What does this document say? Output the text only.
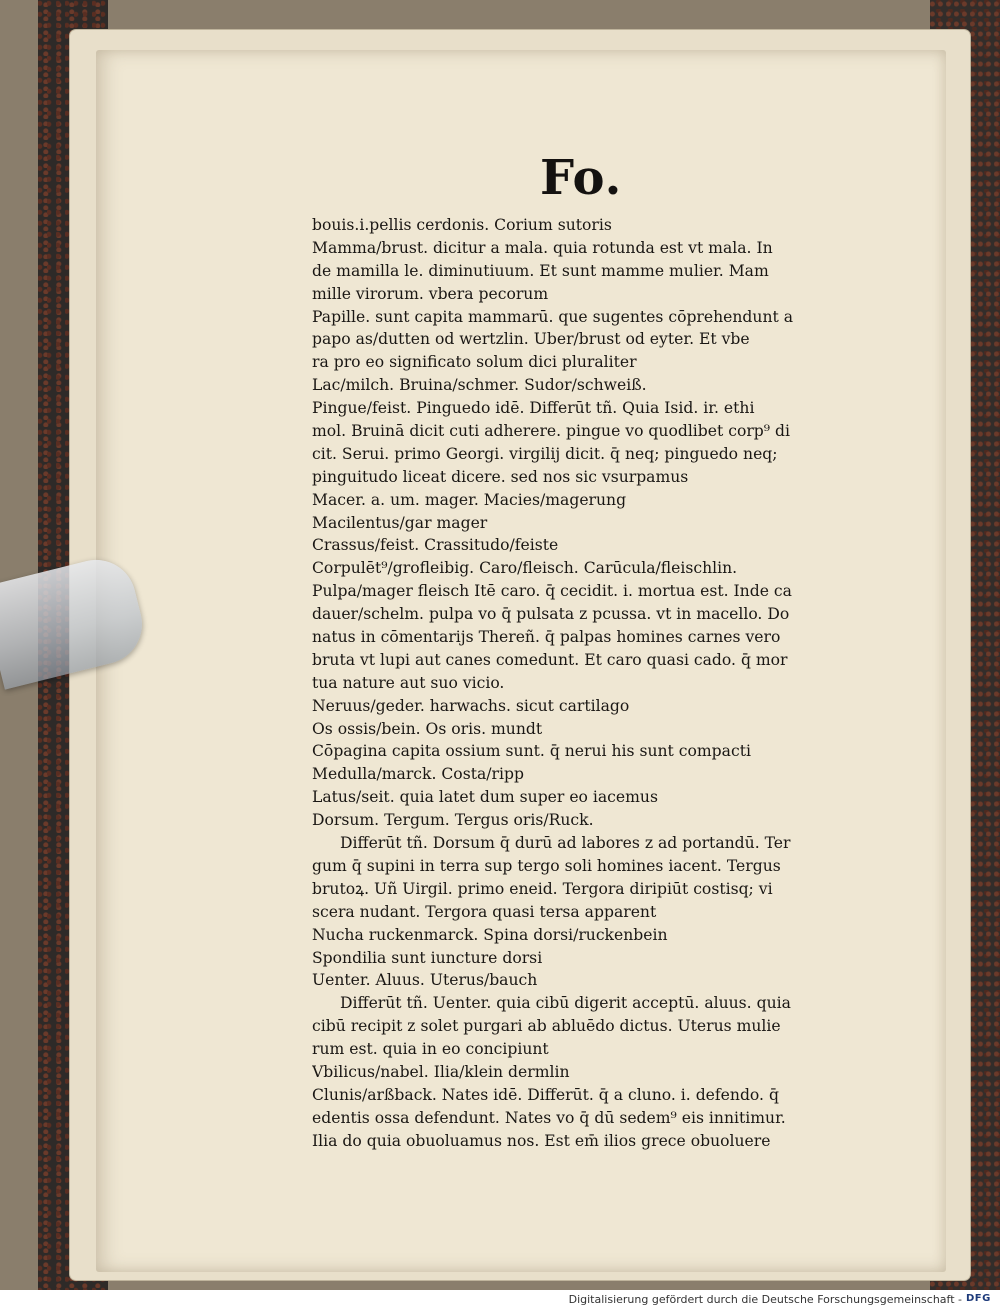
Fo.
bouis.i.pellis cerdonis. Corium sutoris
Mamma/brust. dicitur a mala. quia rotunda est vt mala. In
de mamilla le. diminutiuum. Et sunt mamme mulier. Mam
mille virorum. vbera pecorum
Papille. sunt capita mammarū. que sugentes cōprehendunt a
papo as/dutten od wertzlin. Uber/brust od eyter. Et vbe
ra pro eo significato solum dici pluraliter
Lac/milch. Bruina/schmer. Sudor/schweiß.
Pingue/feist. Pinguedo idē. Differūt tñ. Quia Isid. ir. ethi
mol. Bruinā dicit cuti adherere. pingue vo quodlibet corp⁹ di
cit. Serui. primo Georgi. virgilij dicit. q̄ neq; pinguedo neq;
pinguitudo liceat dicere. sed nos sic vsurpamus
Macer. a. um. mager. Macies/magerung
Macilentus/gar mager
Crassus/feist. Crassitudo/feiste
Corpulēt⁹/grofleibig. Caro/fleisch. Carūcula/fleischlin.
Pulpa/mager fleisch Itē caro. q̄ cecidit. i. mortua est. Inde ca
dauer/schelm. pulpa vo q̄ pulsata z pcussa. vt in macello. Do
natus in cōmentarijs Thereñ. q̄ palpas homines carnes vero
bruta vt lupi aut canes comedunt. Et caro quasi cado. q̄ mor
tua nature aut suo vicio.
Neruus/geder. harwachs. sicut cartilago
Os ossis/bein. Os oris. mundt
Cōpagina capita ossium sunt. q̄ nerui his sunt compacti
Medulla/marck. Costa/ripp
Latus/seit. quia latet dum super eo iacemus
Dorsum. Tergum. Tergus oris/Ruck.
Differūt tñ. Dorsum q̄ durū ad labores z ad portandū. Ter
gum q̄ supini in terra sup tergo soli homines iacent. Tergus
brutoꝝ. Uñ Uirgil. primo eneid. Tergora diripiūt costisq; vi
scera nudant. Tergora quasi tersa apparent
Nucha ruckenmarck. Spina dorsi/ruckenbein
Spondilia sunt iuncture dorsi
Uenter. Aluus. Uterus/bauch
Differūt tñ. Uenter. quia cibū digerit acceptū. aluus. quia
cibū recipit z solet purgari ab abluēdo dictus. Uterus mulie
rum est. quia in eo concipiunt
Vbilicus/nabel. Ilia/klein dermlin
Clunis/arßback. Nates idē. Differūt. q̄ a cluno. i. defendo. q̄
edentis ossa defendunt. Nates vo q̄ dū sedem⁹ eis innitimur.
Ilia do quia obuoluamus nos. Est em̄ ilios grece obuoluere
Digitalisierung gefördert durch die Deutsche Forschungsgemeinschaft - DFG
